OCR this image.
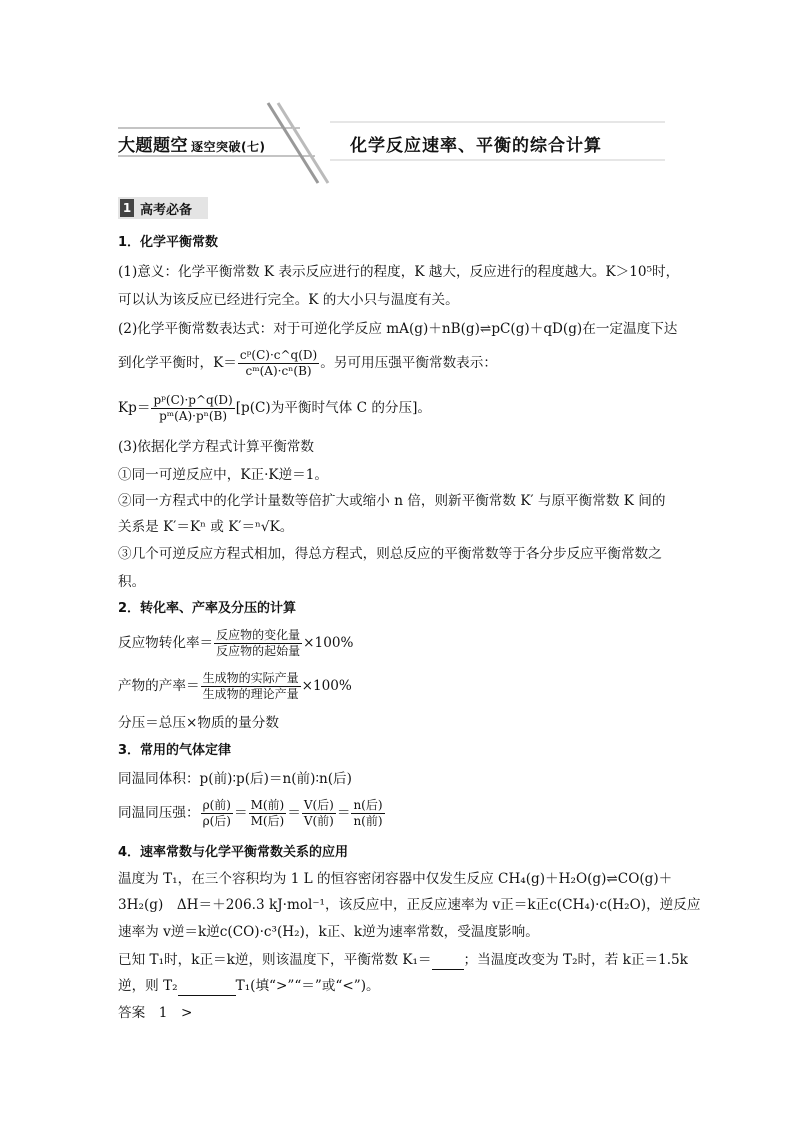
大题题空 逐空突破(七)	化学反应速率、平衡的综合计算
1 高考必备
1．化学平衡常数
(1)意义：化学平衡常数 K 表示反应进行的程度，K 越大，反应进行的程度越大。K＞10⁵时，
可以认为该反应已经进行完全。K 的大小只与温度有关。
(2)化学平衡常数表达式：对于可逆化学反应 mA(g)＋nB(g)⇌pC(g)＋qD(g)在一定温度下达
到化学平衡时，$K= \frac{\text{cᵖ(C)·c\textasciicircum{}q(D)}}{\text{cᵐ(A)·cⁿ(B)}}$ 。另可用压强平衡常数表示：
$Kp= \frac{\text{pᵖ(C)·p\textasciicircum{}q(D)}}{\text{pᵐ(A)·pⁿ(B)}} [p(C)$为平衡时气体 C 的分压]。
(3)依据化学方程式计算平衡常数
①同一可逆反应中，K正·K逆＝1。
②同一方程式中的化学计量数等倍扩大或缩小 n 倍，则新平衡常数 K′ 与原平衡常数 K 间的
关系是 K′＝Kⁿ 或 K′＝ⁿ√K。
③几个可逆反应方程式相加，得总方程式，则总反应的平衡常数等于各分步反应平衡常数之
积。
2．转化率、产率及分压的计算
反应物转化率＝ $\frac{\text{反应物的变化量}}{\text{反应物的起始量}} \times 100\%$
产物的产率＝ $\frac{\text{生成物的实际产量}}{\text{生成物的理论产量}} \times 100\%$
分压＝总压×物质的量分数
3．常用的气体定律
同温同体积：p(前)∶p(后)＝n(前)∶n(后)
同温同压强： $\frac{\text{ρ(前)}}{\text{ρ(后)}} = \frac{\text{M(前)}}{\text{M(后)}} = \frac{\text{V(后)}}{\text{V(前)}} = \frac{\text{n(后)}}{\text{n(前)}}$
4．速率常数与化学平衡常数关系的应用
温度为 T₁，在三个容积均为 1 L 的恒容密闭容器中仅发生反应 CH₄(g)＋H₂O(g)⇌CO(g)＋
3H₂(g)　ΔH＝＋206.3 kJ·mol⁻¹，该反应中，正反应速率为 v正＝k正c(CH₄)·c(H₂O)，逆反应
速率为 v逆＝k逆c(CO)·c³(H₂)，k正、k逆为速率常数，受温度影响。
已知 T₁时，k正＝k逆，则该温度下，平衡常数 K₁＝ ；当温度改变为 T₂时，若 k正＝1.5k
逆，则 T₂	T₁(填“>”“＝”或“<”)。
答案　1　>
